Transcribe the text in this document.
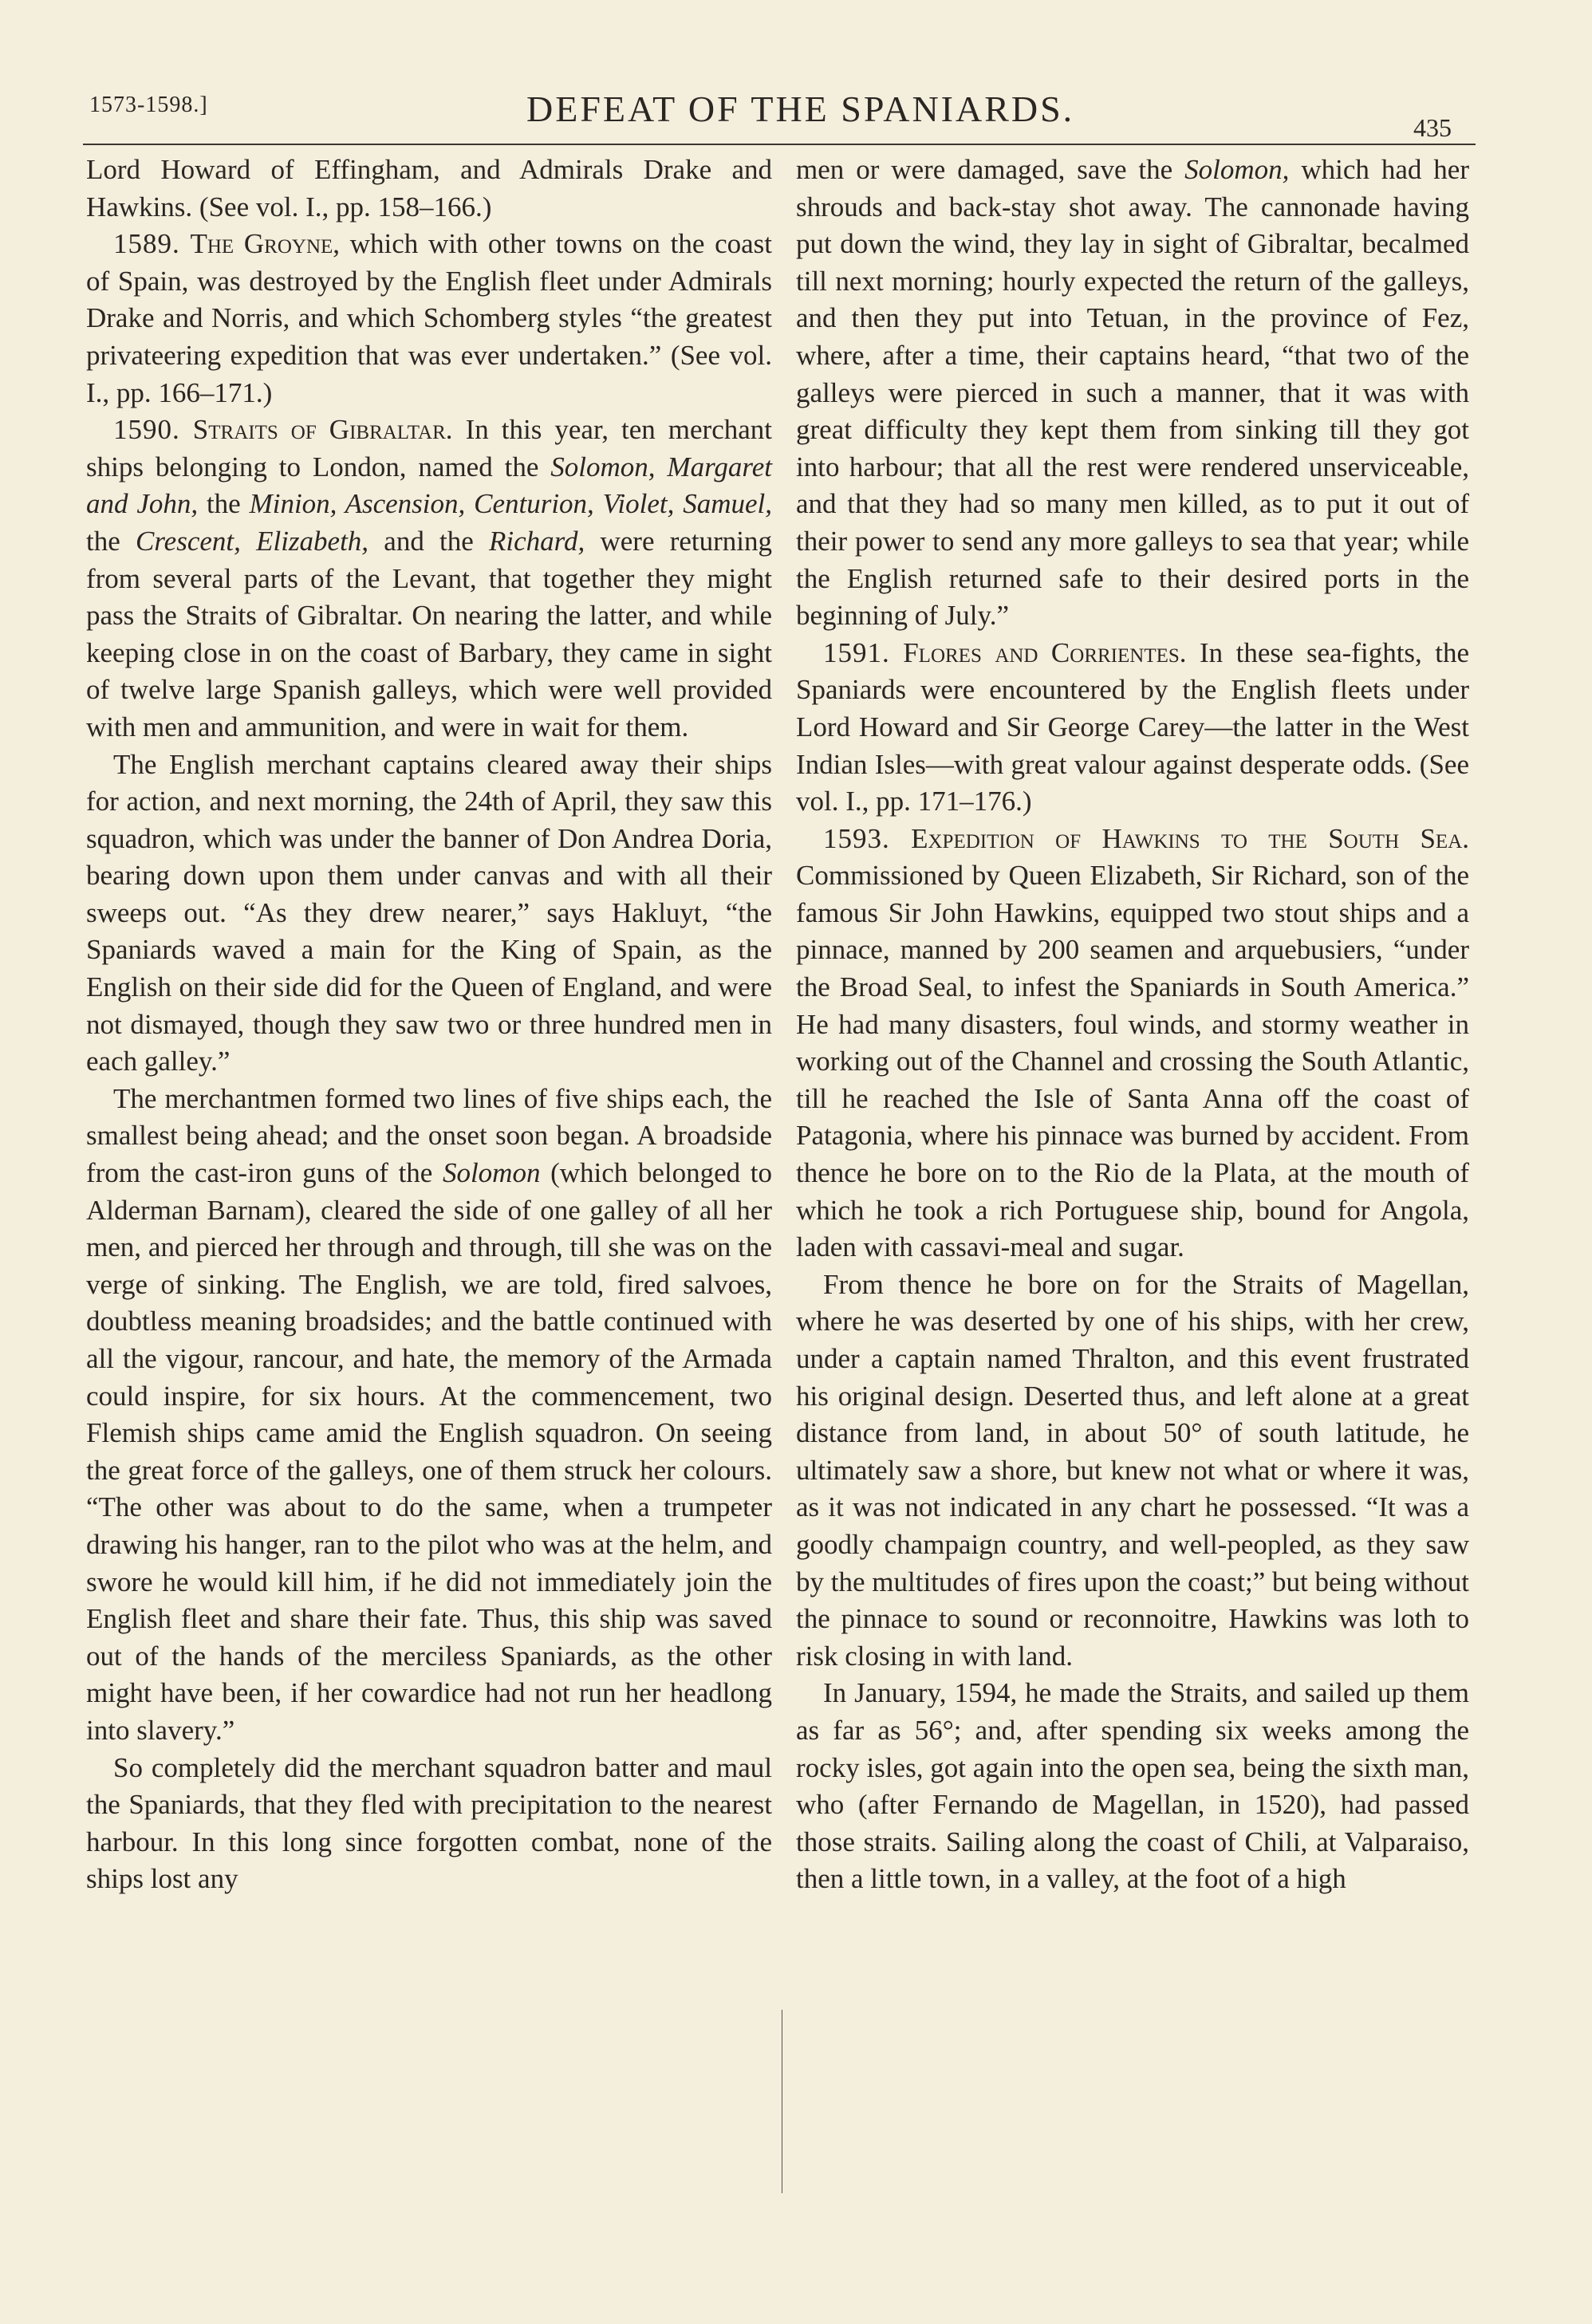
1573-1598.]	DEFEAT OF THE SPANIARDS.	435

Lord Howard of Effingham, and Admirals Drake and Hawkins. (See vol. I., pp. 158–166.)

1589. The Groyne, which with other towns on the coast of Spain, was destroyed by the English fleet under Admirals Drake and Norris, and which Schomberg styles “the greatest privateering expedition that was ever undertaken.” (See vol. I., pp. 166–171.)

1590. Straits of Gibraltar. In this year, ten merchant ships belonging to London, named the Solomon, Margaret and John, the Minion, Ascension, Centurion, Violet, Samuel, the Crescent, Elizabeth, and the Richard, were returning from several parts of the Levant, that together they might pass the Straits of Gibraltar. On nearing the latter, and while keeping close in on the coast of Barbary, they came in sight of twelve large Spanish galleys, which were well provided with men and ammunition, and were in wait for them.

The English merchant captains cleared away their ships for action, and next morning, the 24th of April, they saw this squadron, which was under the banner of Don Andrea Doria, bearing down upon them under canvas and with all their sweeps out. “As they drew nearer,” says Hakluyt, “the Spaniards waved a main for the King of Spain, as the English on their side did for the Queen of England, and were not dismayed, though they saw two or three hundred men in each galley.”

The merchantmen formed two lines of five ships each, the smallest being ahead; and the onset soon began. A broadside from the cast-iron guns of the Solomon (which belonged to Alderman Barnam), cleared the side of one galley of all her men, and pierced her through and through, till she was on the verge of sinking. The English, we are told, fired salvoes, doubtless meaning broadsides; and the battle continued with all the vigour, rancour, and hate, the memory of the Armada could inspire, for six hours. At the commencement, two Flemish ships came amid the English squadron. On seeing the great force of the galleys, one of them struck her colours. “The other was about to do the same, when a trumpeter drawing his hanger, ran to the pilot who was at the helm, and swore he would kill him, if he did not immediately join the English fleet and share their fate. Thus, this ship was saved out of the hands of the merciless Spaniards, as the other might have been, if her cowardice had not run her headlong into slavery.”

So completely did the merchant squadron batter and maul the Spaniards, that they fled with precipitation to the nearest harbour. In this long since forgotten combat, none of the ships lost any

men or were damaged, save the Solomon, which had her shrouds and back-stay shot away. The cannonade having put down the wind, they lay in sight of Gibraltar, becalmed till next morning; hourly expected the return of the galleys, and then they put into Tetuan, in the province of Fez, where, after a time, their captains heard, “that two of the galleys were pierced in such a manner, that it was with great difficulty they kept them from sinking till they got into harbour; that all the rest were rendered unserviceable, and that they had so many men killed, as to put it out of their power to send any more galleys to sea that year; while the English returned safe to their desired ports in the beginning of July.”

1591. Flores and Corrientes. In these sea-fights, the Spaniards were encountered by the English fleets under Lord Howard and Sir George Carey—the latter in the West Indian Isles—with great valour against desperate odds. (See vol. I., pp. 171–176.)

1593. Expedition of Hawkins to the South Sea. Commissioned by Queen Elizabeth, Sir Richard, son of the famous Sir John Hawkins, equipped two stout ships and a pinnace, manned by 200 seamen and arquebusiers, “under the Broad Seal, to infest the Spaniards in South America.” He had many disasters, foul winds, and stormy weather in working out of the Channel and crossing the South Atlantic, till he reached the Isle of Santa Anna off the coast of Patagonia, where his pinnace was burned by accident. From thence he bore on to the Rio de la Plata, at the mouth of which he took a rich Portuguese ship, bound for Angola, laden with cassavi-meal and sugar.

From thence he bore on for the Straits of Magellan, where he was deserted by one of his ships, with her crew, under a captain named Thralton, and this event frustrated his original design. Deserted thus, and left alone at a great distance from land, in about 50° of south latitude, he ultimately saw a shore, but knew not what or where it was, as it was not indicated in any chart he possessed. “It was a goodly champaign country, and well-peopled, as they saw by the multitudes of fires upon the coast;” but being without the pinnace to sound or reconnoitre, Hawkins was loth to risk closing in with land.

In January, 1594, he made the Straits, and sailed up them as far as 56°; and, after spending six weeks among the rocky isles, got again into the open sea, being the sixth man, who (after Fernando de Magellan, in 1520), had passed those straits. Sailing along the coast of Chili, at Valparaiso, then a little town, in a valley, at the foot of a high
